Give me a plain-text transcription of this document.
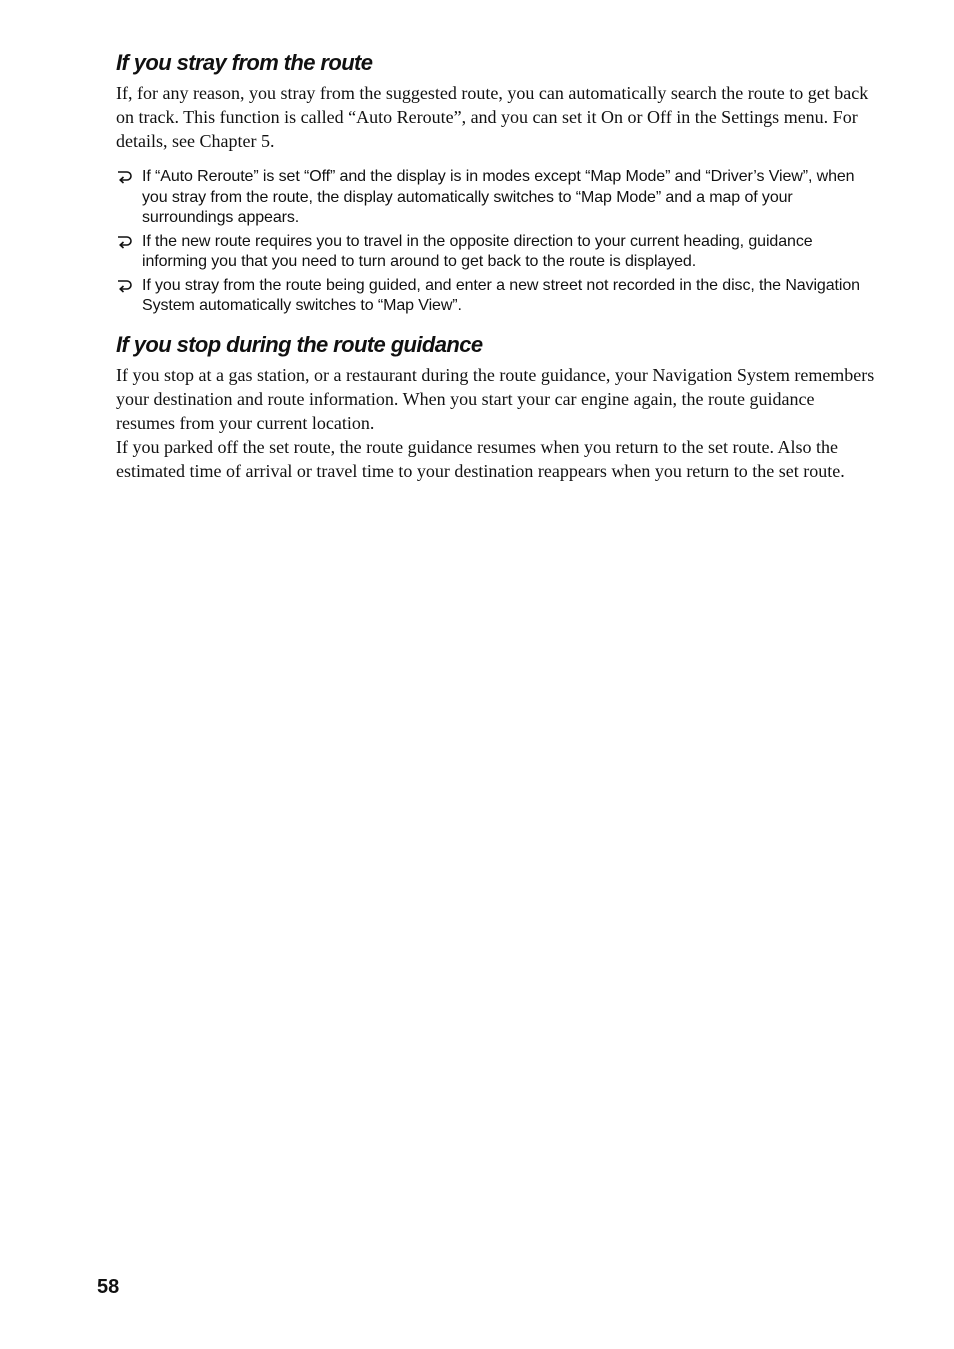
If you stray from the route

If, for any reason, you stray from the suggested route, you can automatically search the route to get back on track. This function is called “Auto Reroute”, and you can set it On or Off in the Settings menu. For details, see Chapter 5.

If “Auto Reroute” is set “Off” and the display is in modes except “Map Mode” and “Driver’s View”, when you stray from the route, the display automatically switches to “Map Mode” and a map of your surroundings appears.
If the new route requires you to travel in the opposite direction to your current heading, guidance informing you that you need to turn around to get back to the route is displayed.
If you stray from the route being guided, and enter a new street not recorded in the disc, the Navigation System automatically switches to “Map View”.
If you stop during the route guidance

If you stop at a gas station, or a restaurant during the route guidance, your Navigation System remembers your destination and route information. When you start your car engine again, the route guidance resumes from your current location.

If you parked off the set route, the route guidance resumes when you return to the set route. Also the estimated time of arrival or travel time to your destination reappears when you return to the set route.

58
